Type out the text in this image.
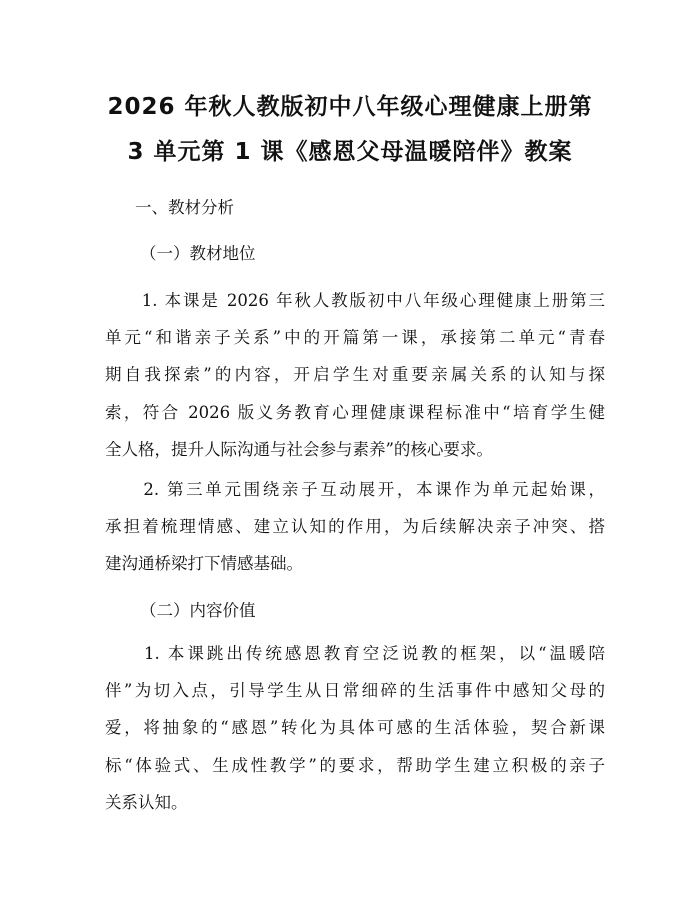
2026 年秋人教版初中八年级心理健康上册第
3 单元第 1 课《感恩父母温暖陪伴》教案

一、教材分析

（一）教材地位

　　1. 本课是 2026 年秋人教版初中八年级心理健康上册第三
单元“和谐亲子关系”中的开篇第一课，承接第二单元“青春
期自我探索”的内容，开启学生对重要亲属关系的认知与探
索，符合 2026 版义务教育心理健康课程标准中“培育学生健
全人格，提升人际沟通与社会参与素养”的核心要求。
　　2. 第三单元围绕亲子互动展开，本课作为单元起始课，
承担着梳理情感、建立认知的作用，为后续解决亲子冲突、搭
建沟通桥梁打下情感基础。

（二）内容价值

　　1. 本课跳出传统感恩教育空泛说教的框架，以“温暖陪
伴”为切入点，引导学生从日常细碎的生活事件中感知父母的
爱，将抽象的“感恩”转化为具体可感的生活体验，契合新课
标“体验式、生成性教学”的要求，帮助学生建立积极的亲子
关系认知。
